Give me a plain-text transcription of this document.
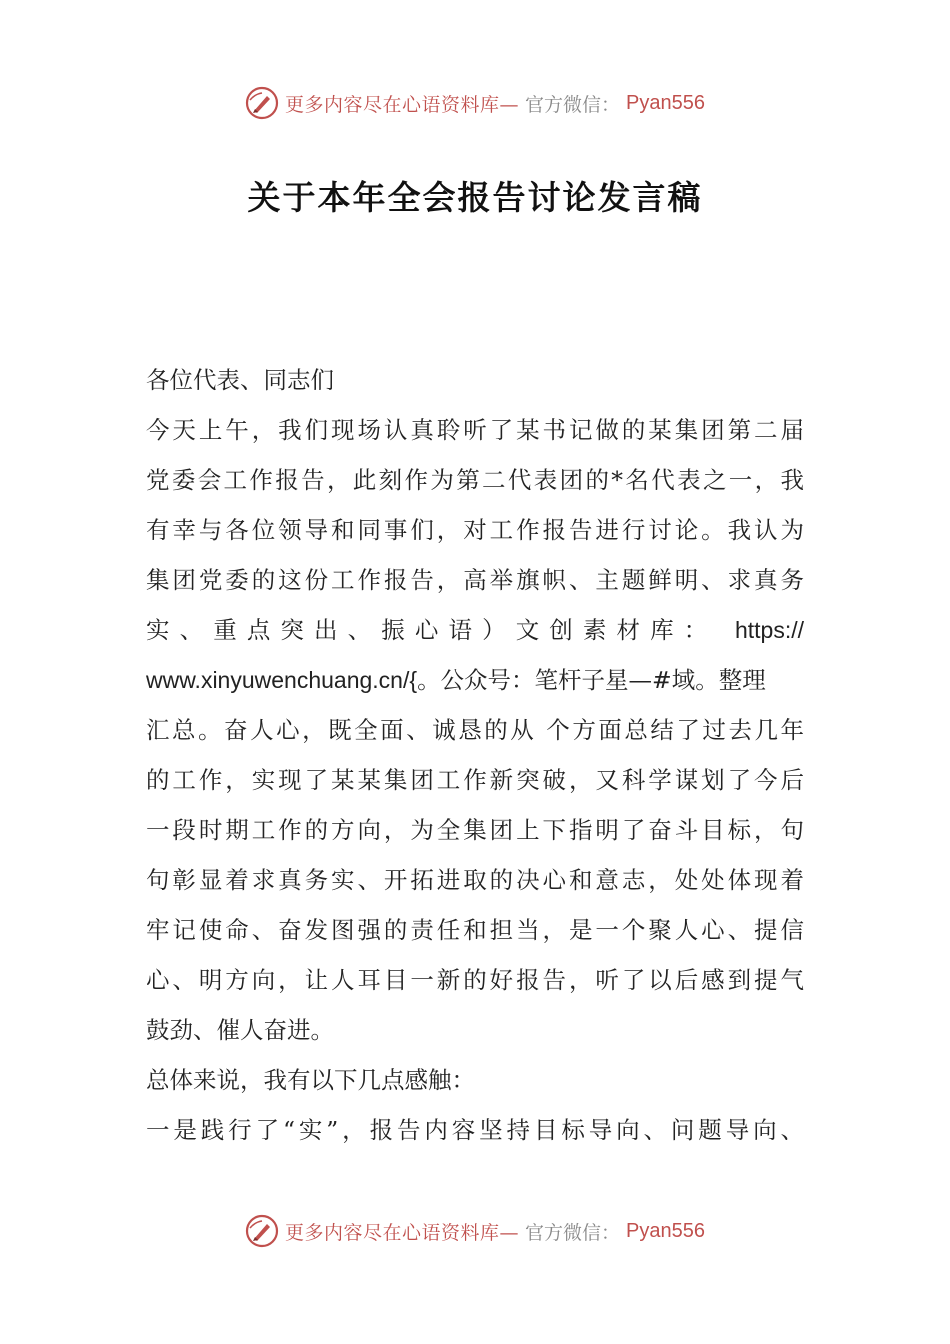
更多内容尽在心语资料库— 官方微信： Pyan556
关于本年全会报告讨论发言稿
各位代表、同志们
今天上午，我们现场认真聆听了某书记做的某集团第二届
党委会工作报告，此刻作为第二代表团的*名代表之一，我
有幸与各位领导和同事们，对工作报告进行讨论。我认为
集团党委的这份工作报告，高举旗帜、主题鲜明、求真务
实、重点突出、振心语）文创素材库： https://
www.xinyuwenchuang.cn/{。公众号：笔杆子星—#域。整理
汇总。奋人心，既全面、诚恳的从 个方面总结了过去几年
的工作，实现了某某集团工作新突破，又科学谋划了今后
一段时期工作的方向，为全集团上下指明了奋斗目标，句
句彰显着求真务实、开拓进取的决心和意志，处处体现着
牢记使命、奋发图强的责任和担当，是一个聚人心、提信
心、明方向，让人耳目一新的好报告，听了以后感到提气
鼓劲、催人奋进。
总体来说，我有以下几点感触：
一是践行了“实”，报告内容坚持目标导向、问题导向、
更多内容尽在心语资料库— 官方微信： Pyan556
